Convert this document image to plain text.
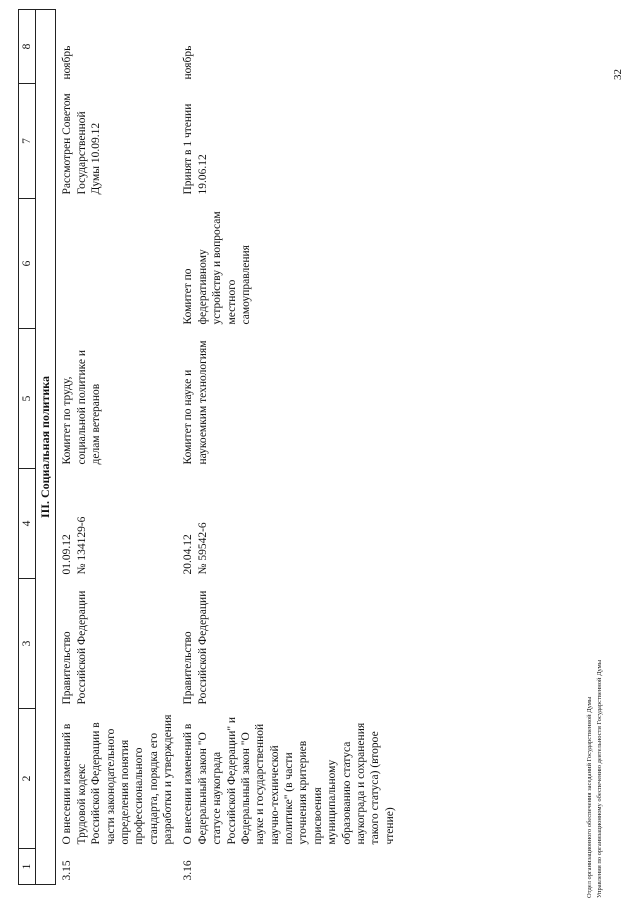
1	2	3	4	5	6	7	8
III. Социальная политика							
3.15	О внесении изменений в Трудовой кодекс Российской Федерации в части законодательного определения понятия профессионального стандарта, порядка его разработки и утверждения	Правительство Российской Федерации	01.09.12 № 134129-6	Комитет по труду, социальной политике и делам ветеранов		Рассмотрен Советом Государственной Думы 10.09.12	ноябрь
3.16	О внесении изменений в Федеральный закон "О статусе наукограда Российской Федерации" и Федеральный закон "О науке и государственной научно-технической политике" (в части уточнения критериев присвоения муниципальному образованию статуса наукограда и сохранения такого статуса) (второе чтение)	Правительство Российской Федерации	20.04.12 № 59542-6	Комитет по науке и наукоемким технологиям	Комитет по федеративному устройству и вопросам местного самоуправления	Принят в 1 чтении 19.06.12	ноябрь	32
Отдел организационного обеспечения заседаний Государственной Думы Управления по организационному обеспечению деятельности Государственной Думы
